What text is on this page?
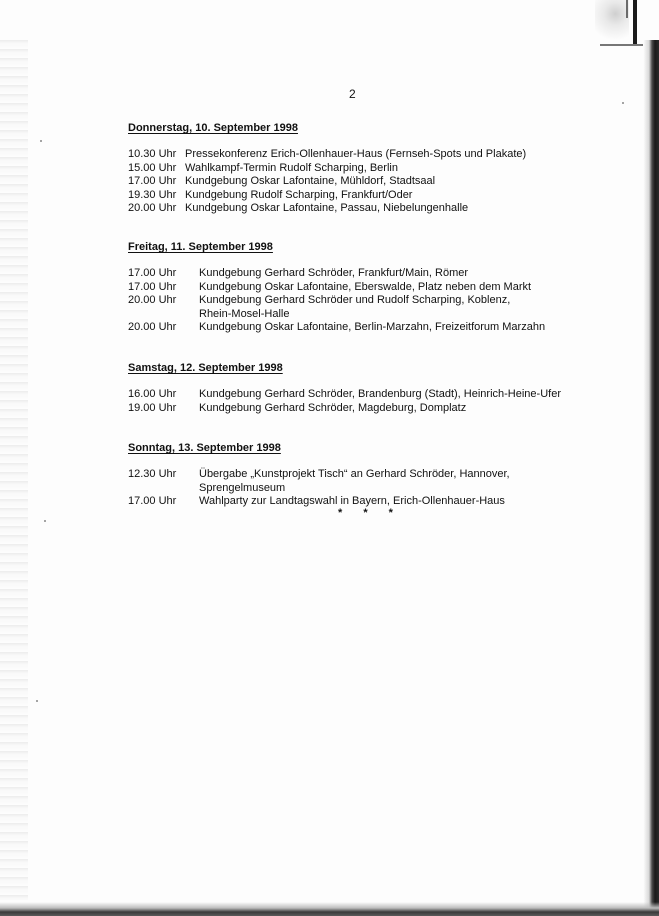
2
Donnerstag, 10. September 1998
10.30 Uhr Pressekonferenz Erich-Ollenhauer-Haus (Fernseh-Spots und Plakate)
15.00 Uhr Wahlkampf-Termin Rudolf Scharping, Berlin
17.00 Uhr Kundgebung Oskar Lafontaine, Mühldorf, Stadtsaal
19.30 Uhr Kundgebung Rudolf Scharping, Frankfurt/Oder
20.00 Uhr Kundgebung Oskar Lafontaine, Passau, Niebelungenhalle
Freitag, 11. September 1998
17.00 Uhr	Kundgebung Gerhard Schröder, Frankfurt/Main, Römer
17.00 Uhr	Kundgebung Oskar Lafontaine, Eberswalde, Platz neben dem Markt
20.00 Uhr	Kundgebung Gerhard Schröder und Rudolf Scharping, Koblenz, Rhein-Mosel-Halle
20.00 Uhr	Kundgebung Oskar Lafontaine, Berlin-Marzahn, Freizeitforum Marzahn
Samstag, 12. September 1998
16.00 Uhr	Kundgebung Gerhard Schröder, Brandenburg (Stadt), Heinrich-Heine-Ufer
19.00 Uhr	Kundgebung Gerhard Schröder, Magdeburg, Domplatz
Sonntag, 13. September 1998
12.30 Uhr	Übergabe „Kunstprojekt Tisch“ an Gerhard Schröder, Hannover, Sprengelmuseum
17.00 Uhr	Wahlparty zur Landtagswahl in Bayern, Erich-Ollenhauer-Haus
* * *
